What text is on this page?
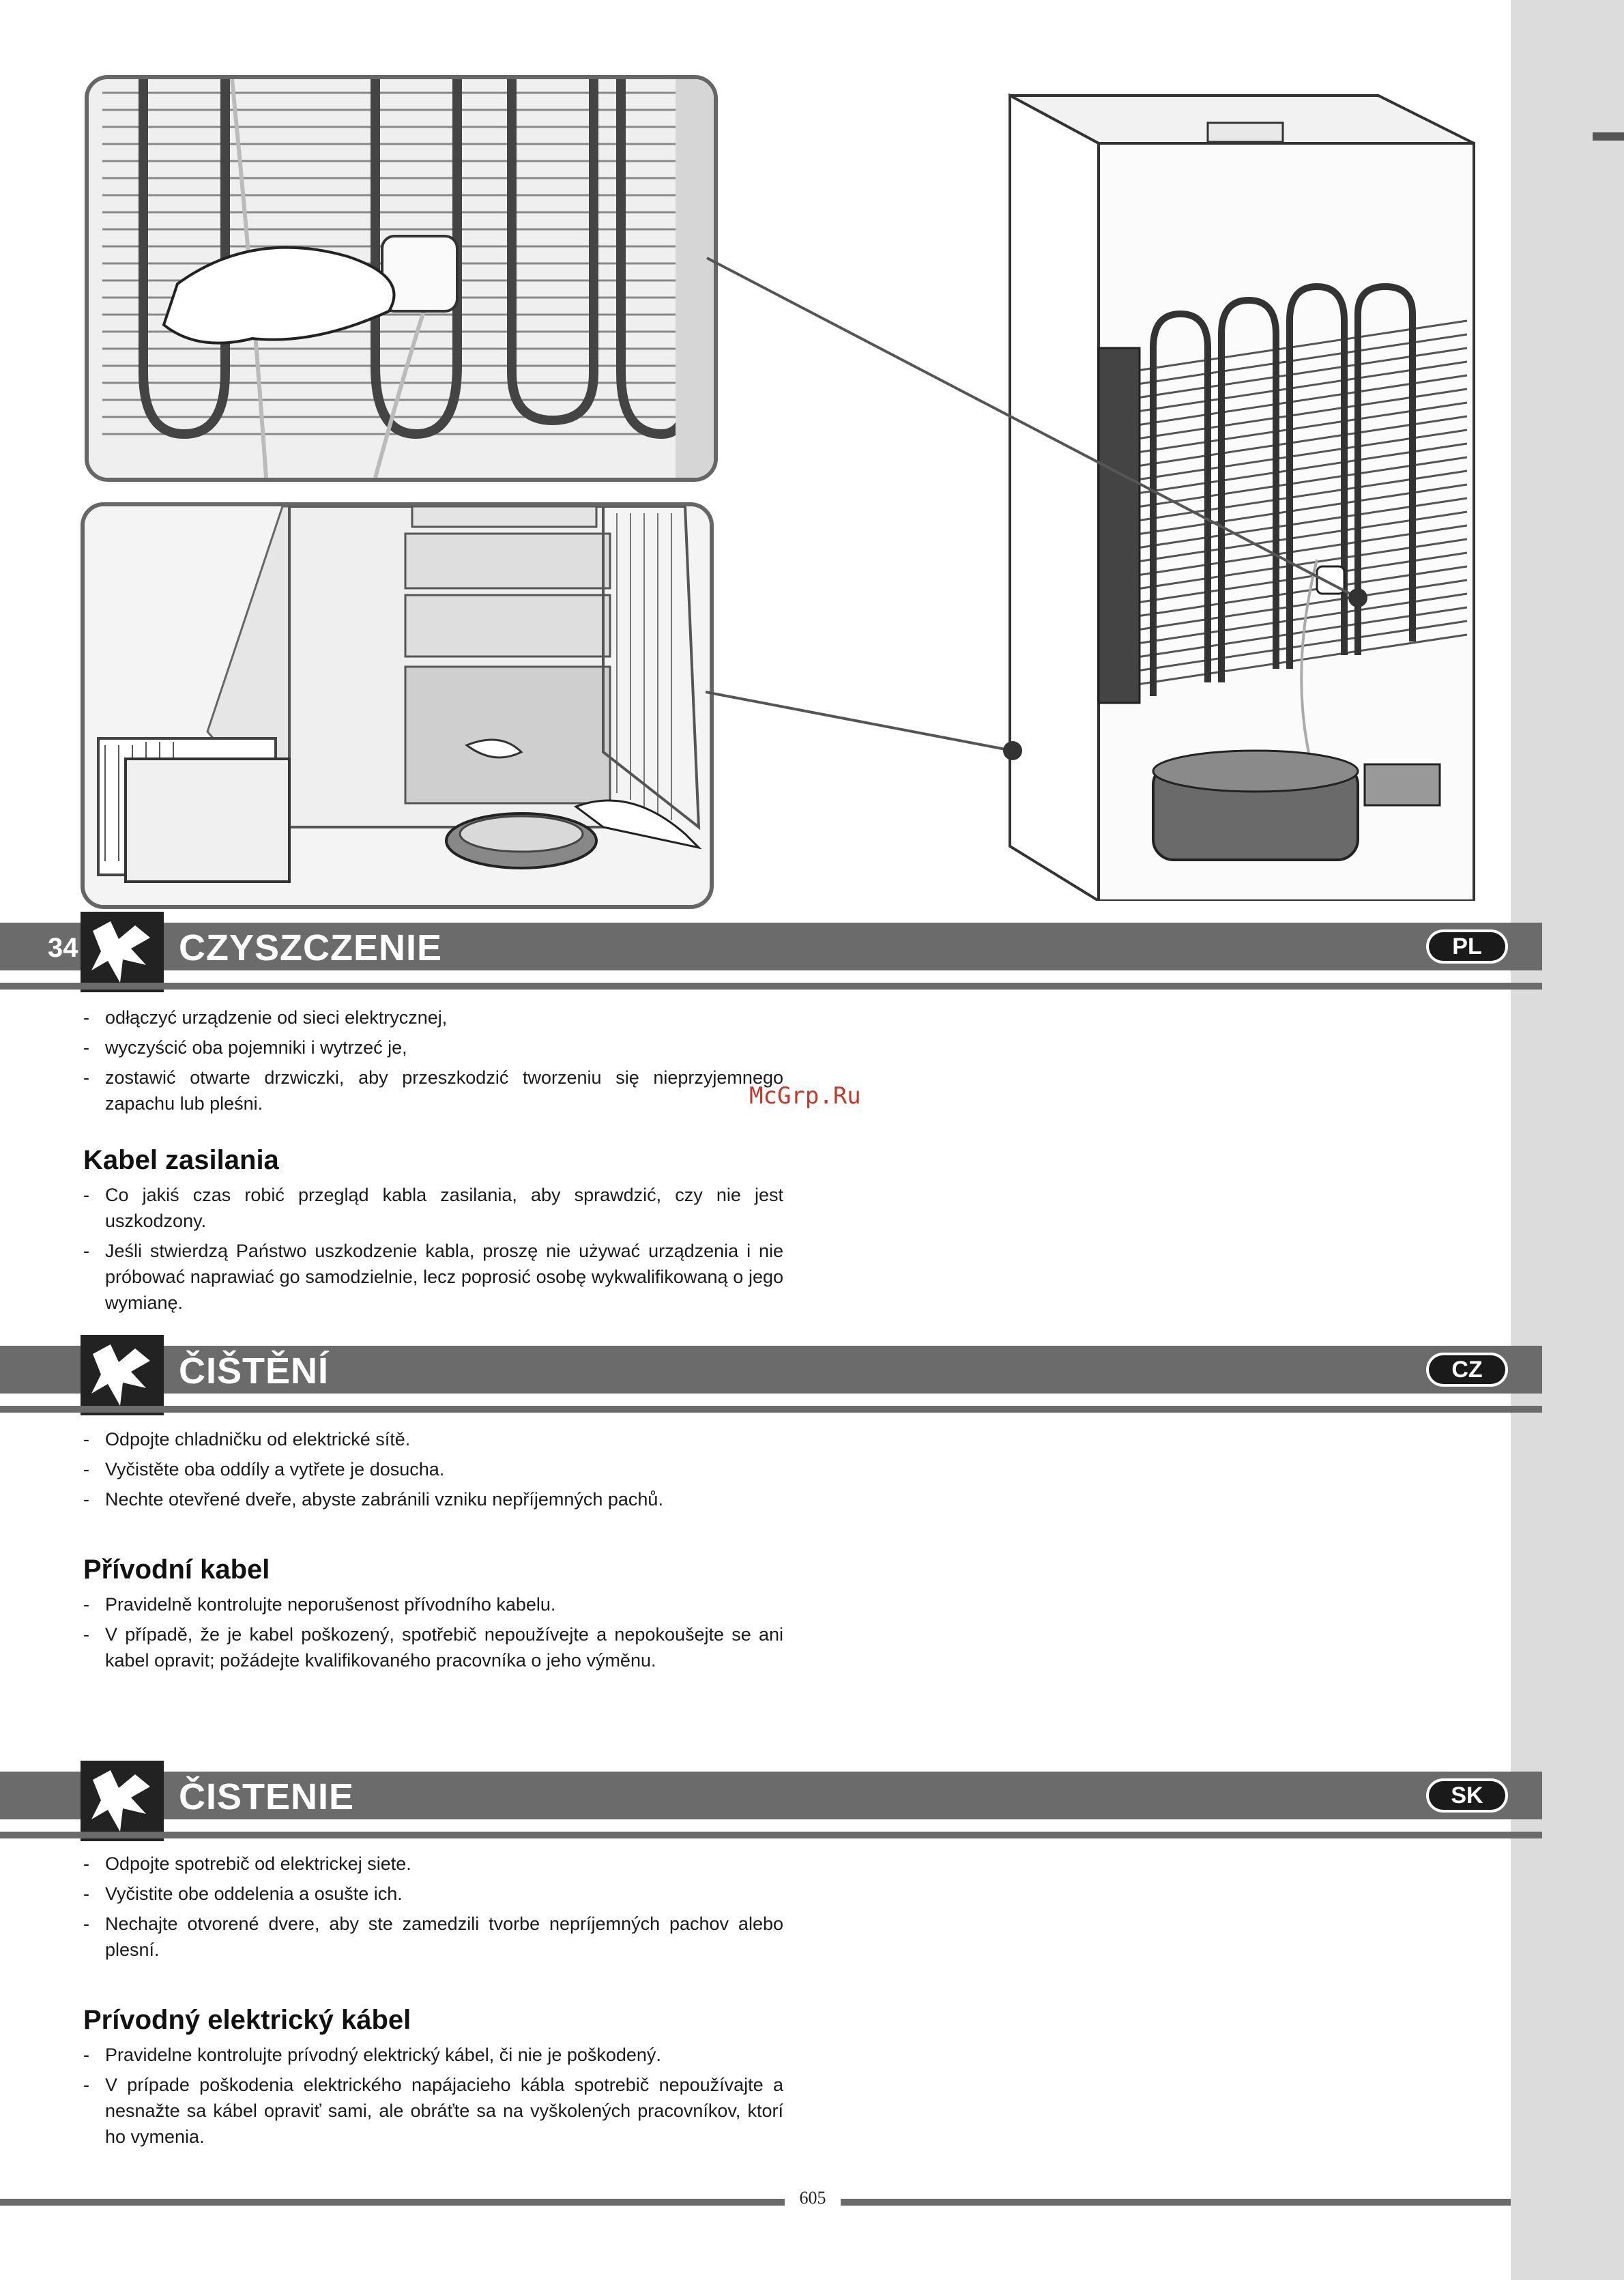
34	CZYSZCZENIE	PL
- odłączyć urządzenie od sieci elektrycznej,
- wyczyścić oba pojemniki i wytrzeć je,
- zostawić otwarte drzwiczki, aby przeszkodzić tworzeniu się nieprzyjemnego zapachu lub pleśni.
Kabel zasilania
- Co jakiś czas robić przegląd kabla zasilania, aby sprawdzić, czy nie jest uszkodzony.
- Jeśli stwierdzą Państwo uszkodzenie kabla, proszę nie używać urządzenia i nie próbować naprawiać go samodzielnie, lecz poprosić osobę wykwalifikowaną o jego wymianę.
McGrp.Ru
ČIŠTĚNÍ	CZ
- Odpojte chladničku od elektrické sítě.
- Vyčistěte oba oddíly a vytřete je dosucha.
- Nechte otevřené dveře, abyste zabránili vzniku nepříjemných pachů.
Přívodní kabel
- Pravidelně kontrolujte neporušenost přívodního kabelu.
- V případě, že je kabel poškozený, spotřebič nepoužívejte a nepokoušejte se ani kabel opravit; požádejte kvalifikovaného pracovníka o jeho výměnu.
ČISTENIE	SK
- Odpojte spotrebič od elektrickej siete.
- Vyčistite obe oddelenia a osušte ich.
- Nechajte otvorené dvere, aby ste zamedzili tvorbe nepríjemných pachov alebo plesní.
Prívodný elektrický kábel
- Pravidelne kontrolujte prívodný elektrický kábel, či nie je poškodený.
- V prípade poškodenia elektrického napájacieho kábla spotrebič nepoužívajte a nesnažte sa kábel opraviť sami, ale obráťte sa na vyškolených pracovníkov, ktorí ho vymenia.
605
